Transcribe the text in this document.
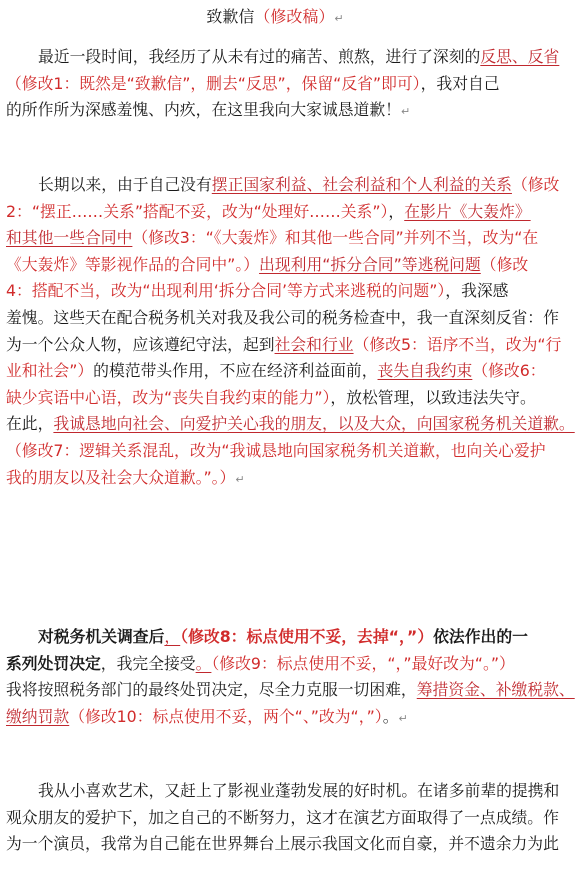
致歉信（修改稿）↵
最近一段时间，我经历了从未有过的痛苦、煎熬，进行了深刻的反思、反省
（修改1：既然是“致歉信”，删去“反思”，保留“反省”即可），我对自己
的所作所为深感羞愧、内疚，在这里我向大家诚恳道歉！↵
长期以来，由于自己没有摆正国家利益、社会利益和个人利益的关系（修改
2：“摆正……关系”搭配不妥，改为“处理好……关系”），在影片《大轰炸》
和其他一些合同中（修改3：“《大轰炸》和其他一些合同”并列不当，改为“在
《大轰炸》等影视作品的合同中”。）出现利用“拆分合同”等逃税问题（修改
4：搭配不当，改为“出现利用‘拆分合同’等方式来逃税的问题”），我深感
羞愧。这些天在配合税务机关对我及我公司的税务检查中，我一直深刻反省：作
为一个公众人物，应该遵纪守法，起到社会和行业（修改5：语序不当，改为“行
业和社会”）的模范带头作用，不应在经济利益面前，丧失自我约束（修改6：
缺少宾语中心语，改为“丧失自我约束的能力”），放松管理，以致违法失守。
在此，我诚恳地向社会、向爱护关心我的朋友，以及大众，向国家税务机关道歉。
（修改7：逻辑关系混乱，改为“我诚恳地向国家税务机关道歉，也向关心爱护
我的朋友以及社会大众道歉。”。）↵
对税务机关调查后，（修改8：标点使用不妥，去掉“，”）依法作出的一
系列处罚决定，我完全接受。（修改9：标点使用不妥，“，”最好改为“。”）
我将按照税务部门的最终处罚决定，尽全力克服一切困难，筹措资金、补缴税款、
缴纳罚款（修改10：标点使用不妥，两个“、”改为“，”）。↵
我从小喜欢艺术，又赶上了影视业蓬勃发展的好时机。在诸多前辈的提携和
观众朋友的爱护下，加之自己的不断努力，这才在演艺方面取得了一点成绩。作
为一个演员，我常为自己能在世界舞台上展示我国文化而自豪，并不遗余力为此
